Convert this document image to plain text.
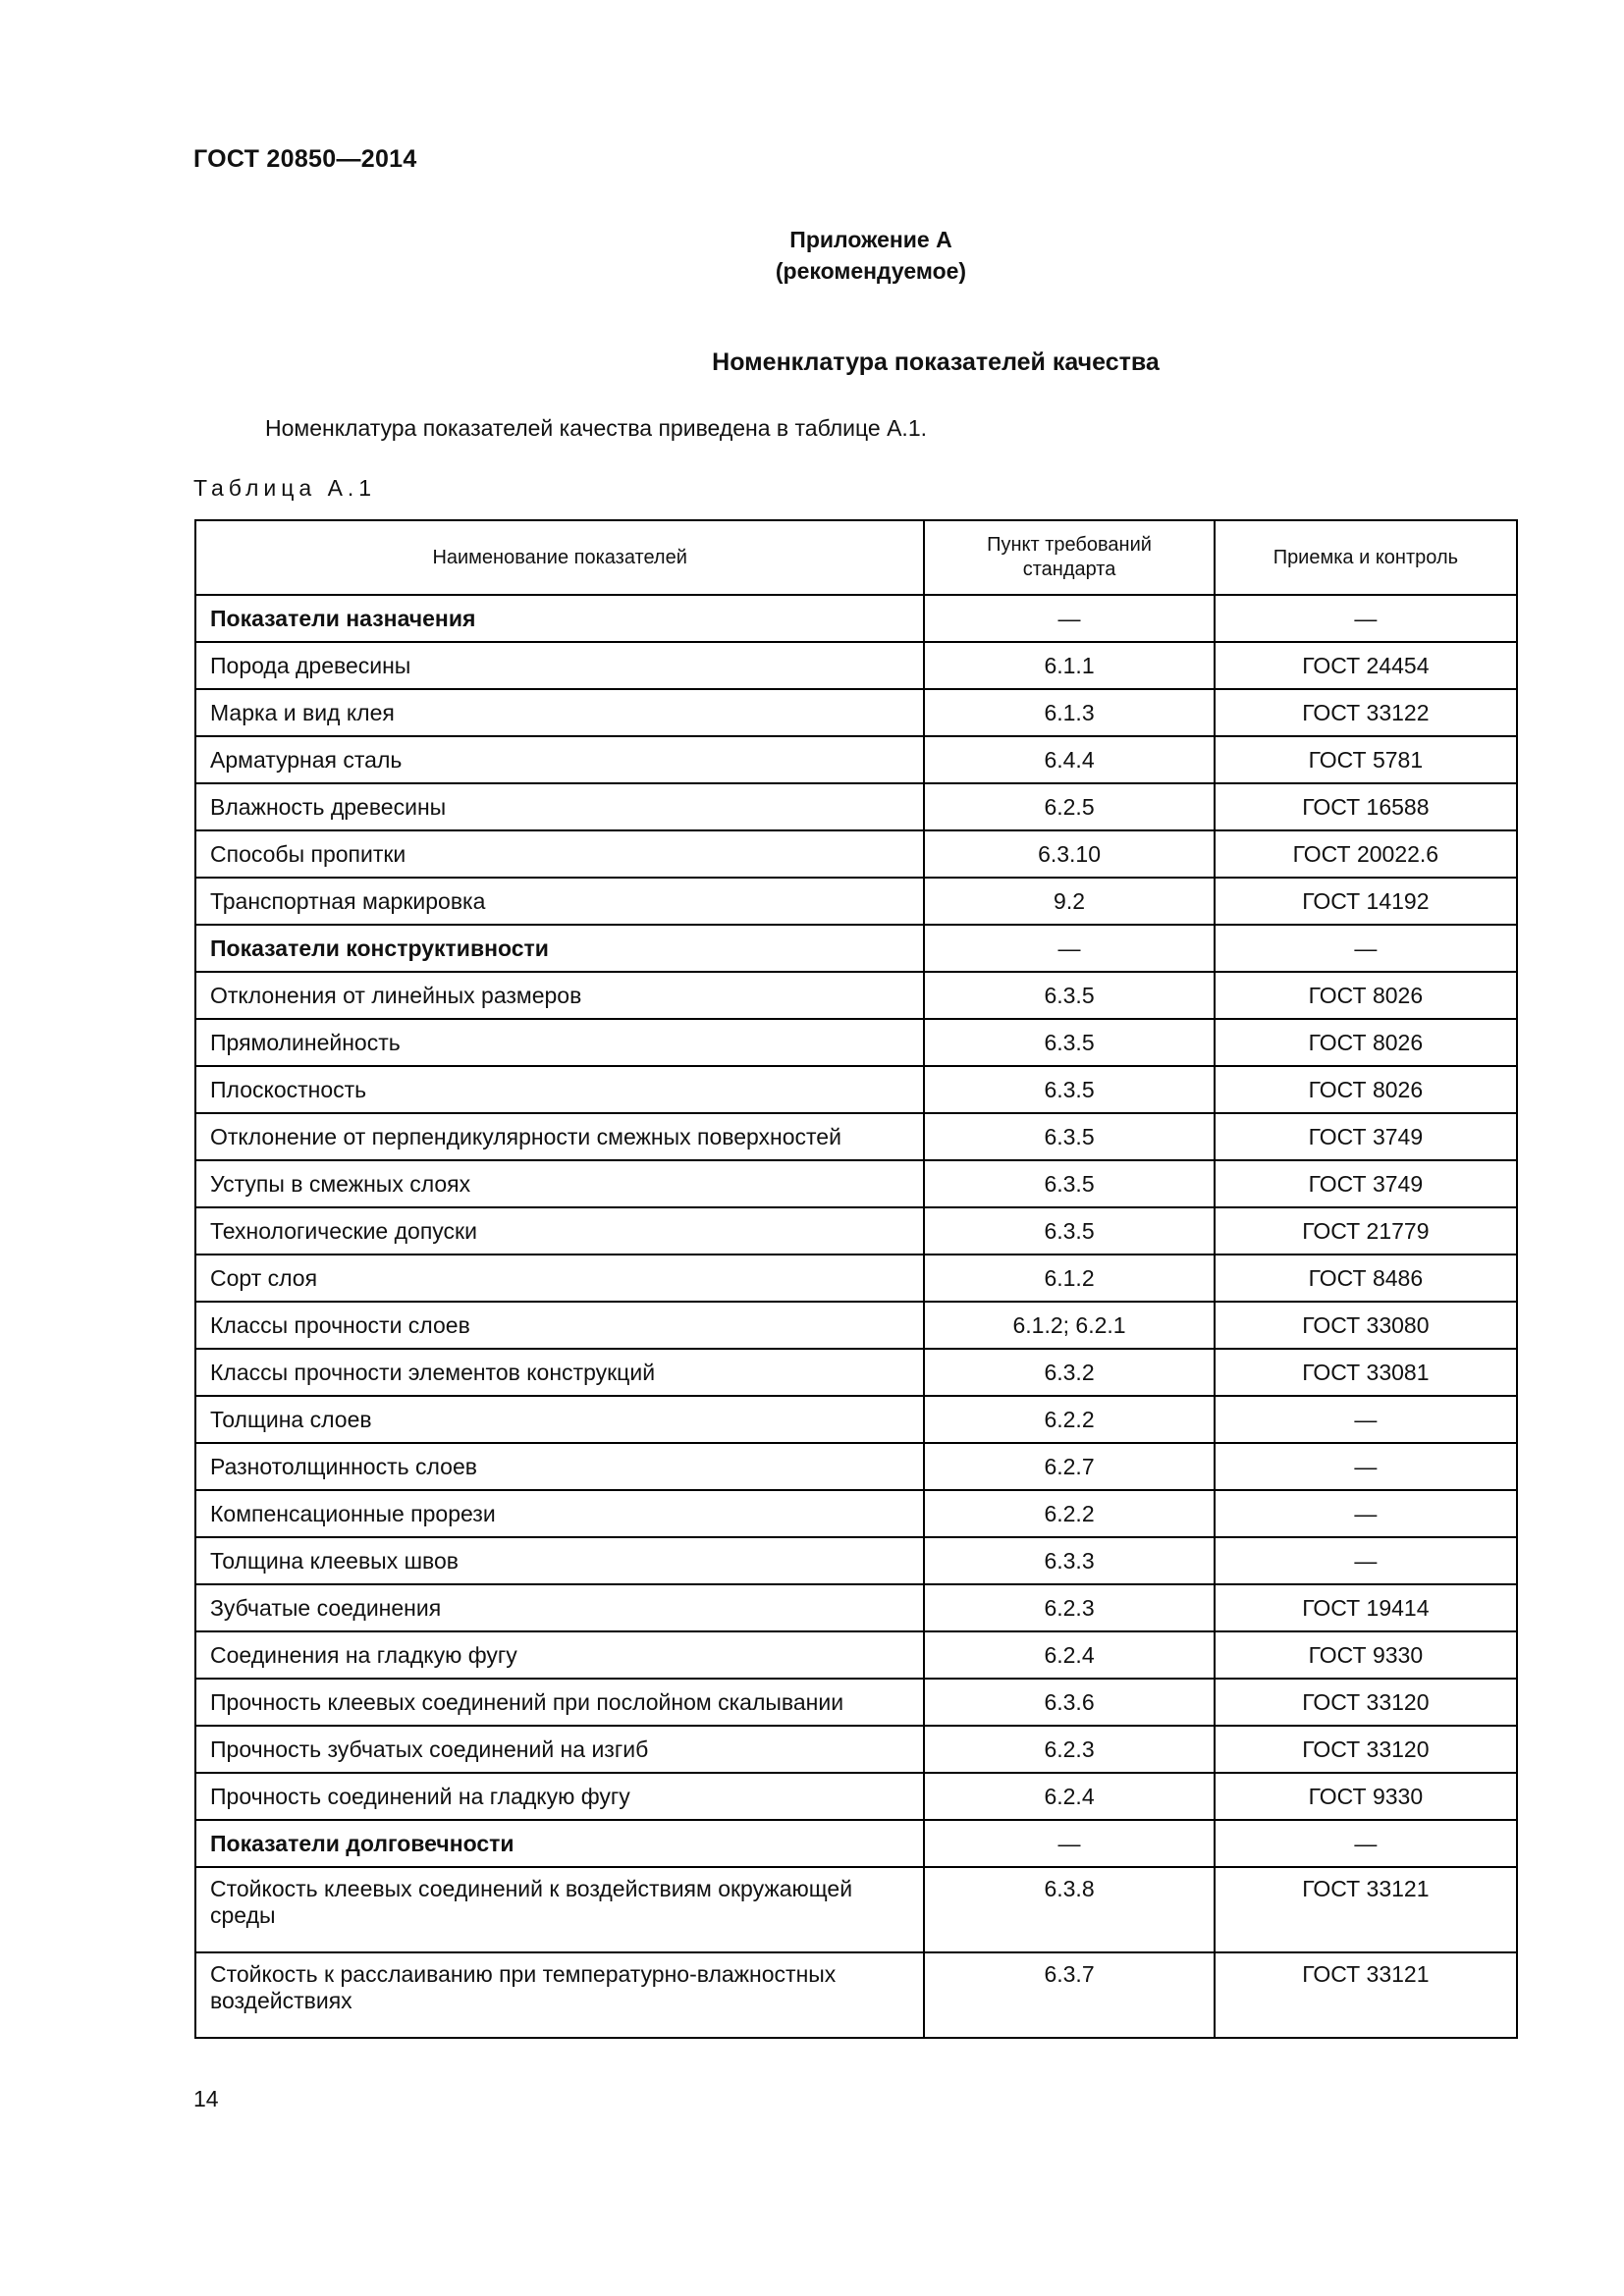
ГОСТ 20850—2014
Приложение А
(рекомендуемое)
Номенклатура показателей качества
Номенклатура показателей качества приведена в таблице А.1.
Таблица А.1
Наименование показателей	Пункт требований стандарта	Приемка и контроль
Показатели назначения	—	—
Порода древесины	6.1.1	ГОСТ 24454
Марка и вид клея	6.1.3	ГОСТ 33122
Арматурная сталь	6.4.4	ГОСТ 5781
Влажность древесины	6.2.5	ГОСТ 16588
Способы пропитки	6.3.10	ГОСТ 20022.6
Транспортная маркировка	9.2	ГОСТ 14192
Показатели конструктивности	—	—
Отклонения от линейных размеров	6.3.5	ГОСТ 8026
Прямолинейность	6.3.5	ГОСТ 8026
Плоскостность	6.3.5	ГОСТ 8026
Отклонение от перпендикулярности смежных поверхностей	6.3.5	ГОСТ 3749
Уступы в смежных слоях	6.3.5	ГОСТ 3749
Технологические допуски	6.3.5	ГОСТ 21779
Сорт слоя	6.1.2	ГОСТ 8486
Классы прочности слоев	6.1.2; 6.2.1	ГОСТ 33080
Классы прочности элементов конструкций	6.3.2	ГОСТ 33081
Толщина слоев	6.2.2	—
Разнотолщинность слоев	6.2.7	—
Компенсационные прорези	6.2.2	—
Толщина клеевых швов	6.3.3	—
Зубчатые соединения	6.2.3	ГОСТ 19414
Соединения на гладкую фугу	6.2.4	ГОСТ 9330
Прочность клеевых соединений при послойном скалывании	6.3.6	ГОСТ 33120
Прочность зубчатых соединений на изгиб	6.2.3	ГОСТ 33120
Прочность соединений на гладкую фугу	6.2.4	ГОСТ 9330
Показатели долговечности	—	—
Стойкость клеевых соединений к воздействиям окружающей среды	6.3.8	ГОСТ 33121
Стойкость к расслаиванию при температурно-влажностных воздействиях	6.3.7	ГОСТ 33121
14
